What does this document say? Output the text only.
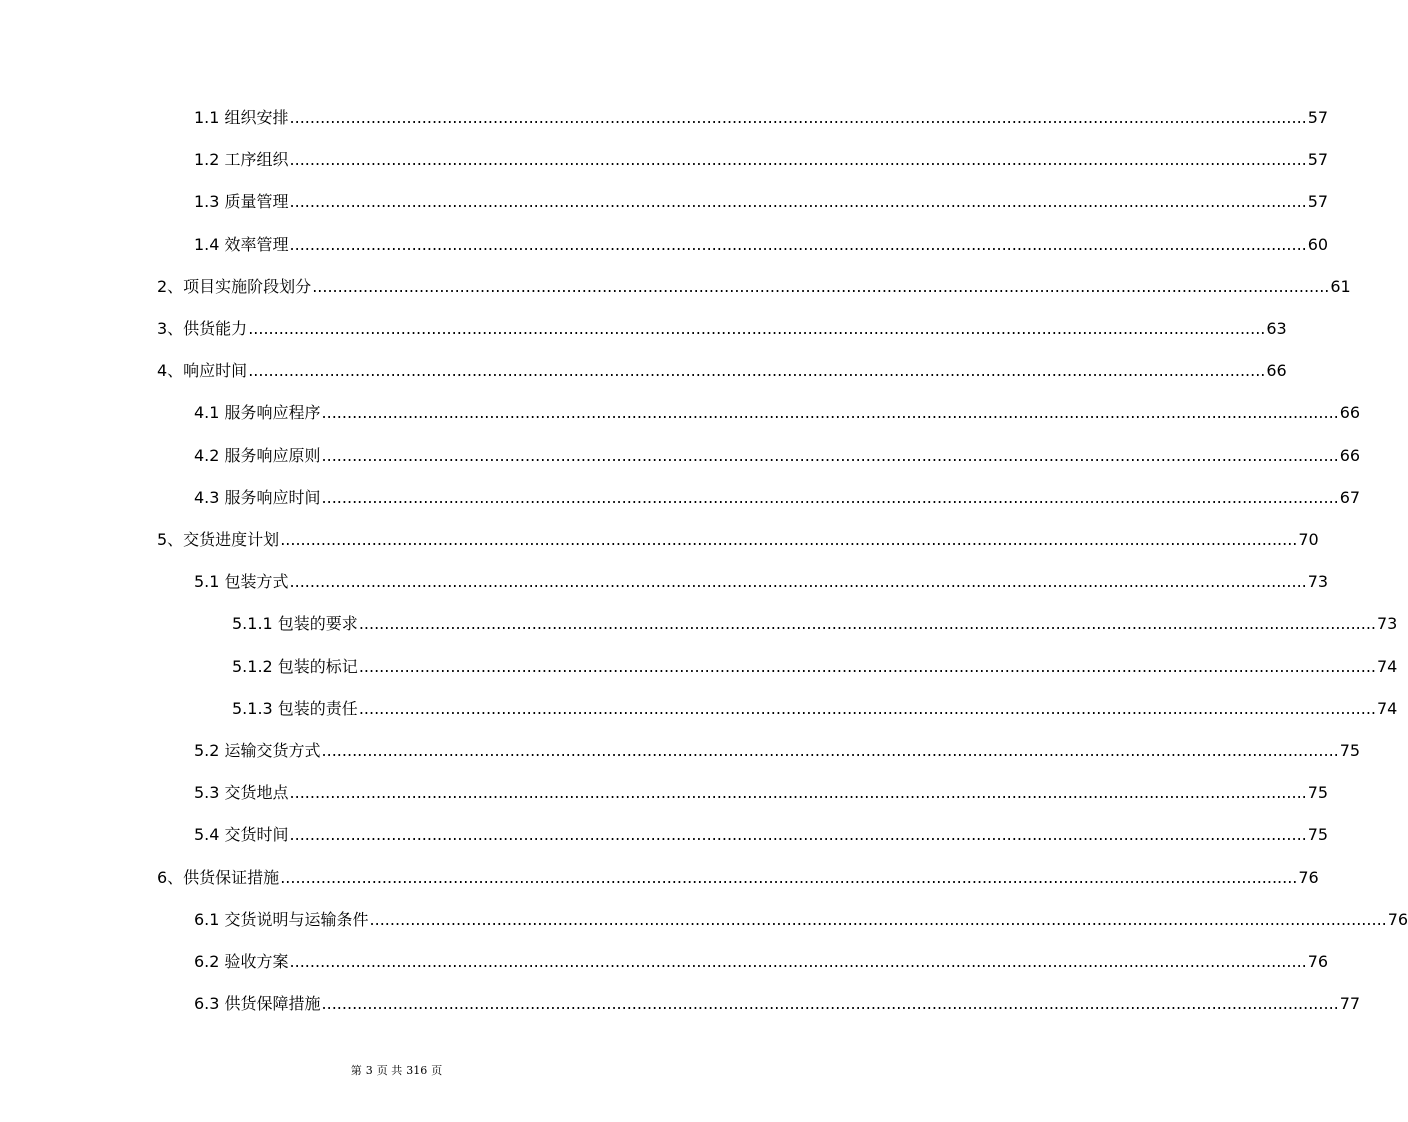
1.1 组织安排 ........................................................................................................................................................................................................ 57
1.2 工序组织 ........................................................................................................................................................................................................ 57
1.3 质量管理 ........................................................................................................................................................................................................ 57
1.4 效率管理 ........................................................................................................................................................................................................ 60
2、项目实施阶段划分 ........................................................................................................................................................................................................ 61
3、供货能力 ........................................................................................................................................................................................................ 63
4、响应时间 ........................................................................................................................................................................................................ 66
4.1 服务响应程序 ........................................................................................................................................................................................................ 66
4.2 服务响应原则 ........................................................................................................................................................................................................ 66
4.3 服务响应时间 ........................................................................................................................................................................................................ 67
5、交货进度计划 ........................................................................................................................................................................................................ 70
5.1 包装方式 ........................................................................................................................................................................................................ 73
5.1.1 包装的要求 ........................................................................................................................................................................................................ 73
5.1.2 包装的标记 ........................................................................................................................................................................................................ 74
5.1.3 包装的责任 ........................................................................................................................................................................................................ 74
5.2 运输交货方式 ........................................................................................................................................................................................................ 75
5.3 交货地点 ........................................................................................................................................................................................................ 75
5.4 交货时间 ........................................................................................................................................................................................................ 75
6、供货保证措施 ........................................................................................................................................................................................................ 76
6.1 交货说明与运输条件 ........................................................................................................................................................................................................ 76
6.2 验收方案 ........................................................................................................................................................................................................ 76
6.3 供货保障措施 ........................................................................................................................................................................................................ 77
第 3 页 共 316 页
